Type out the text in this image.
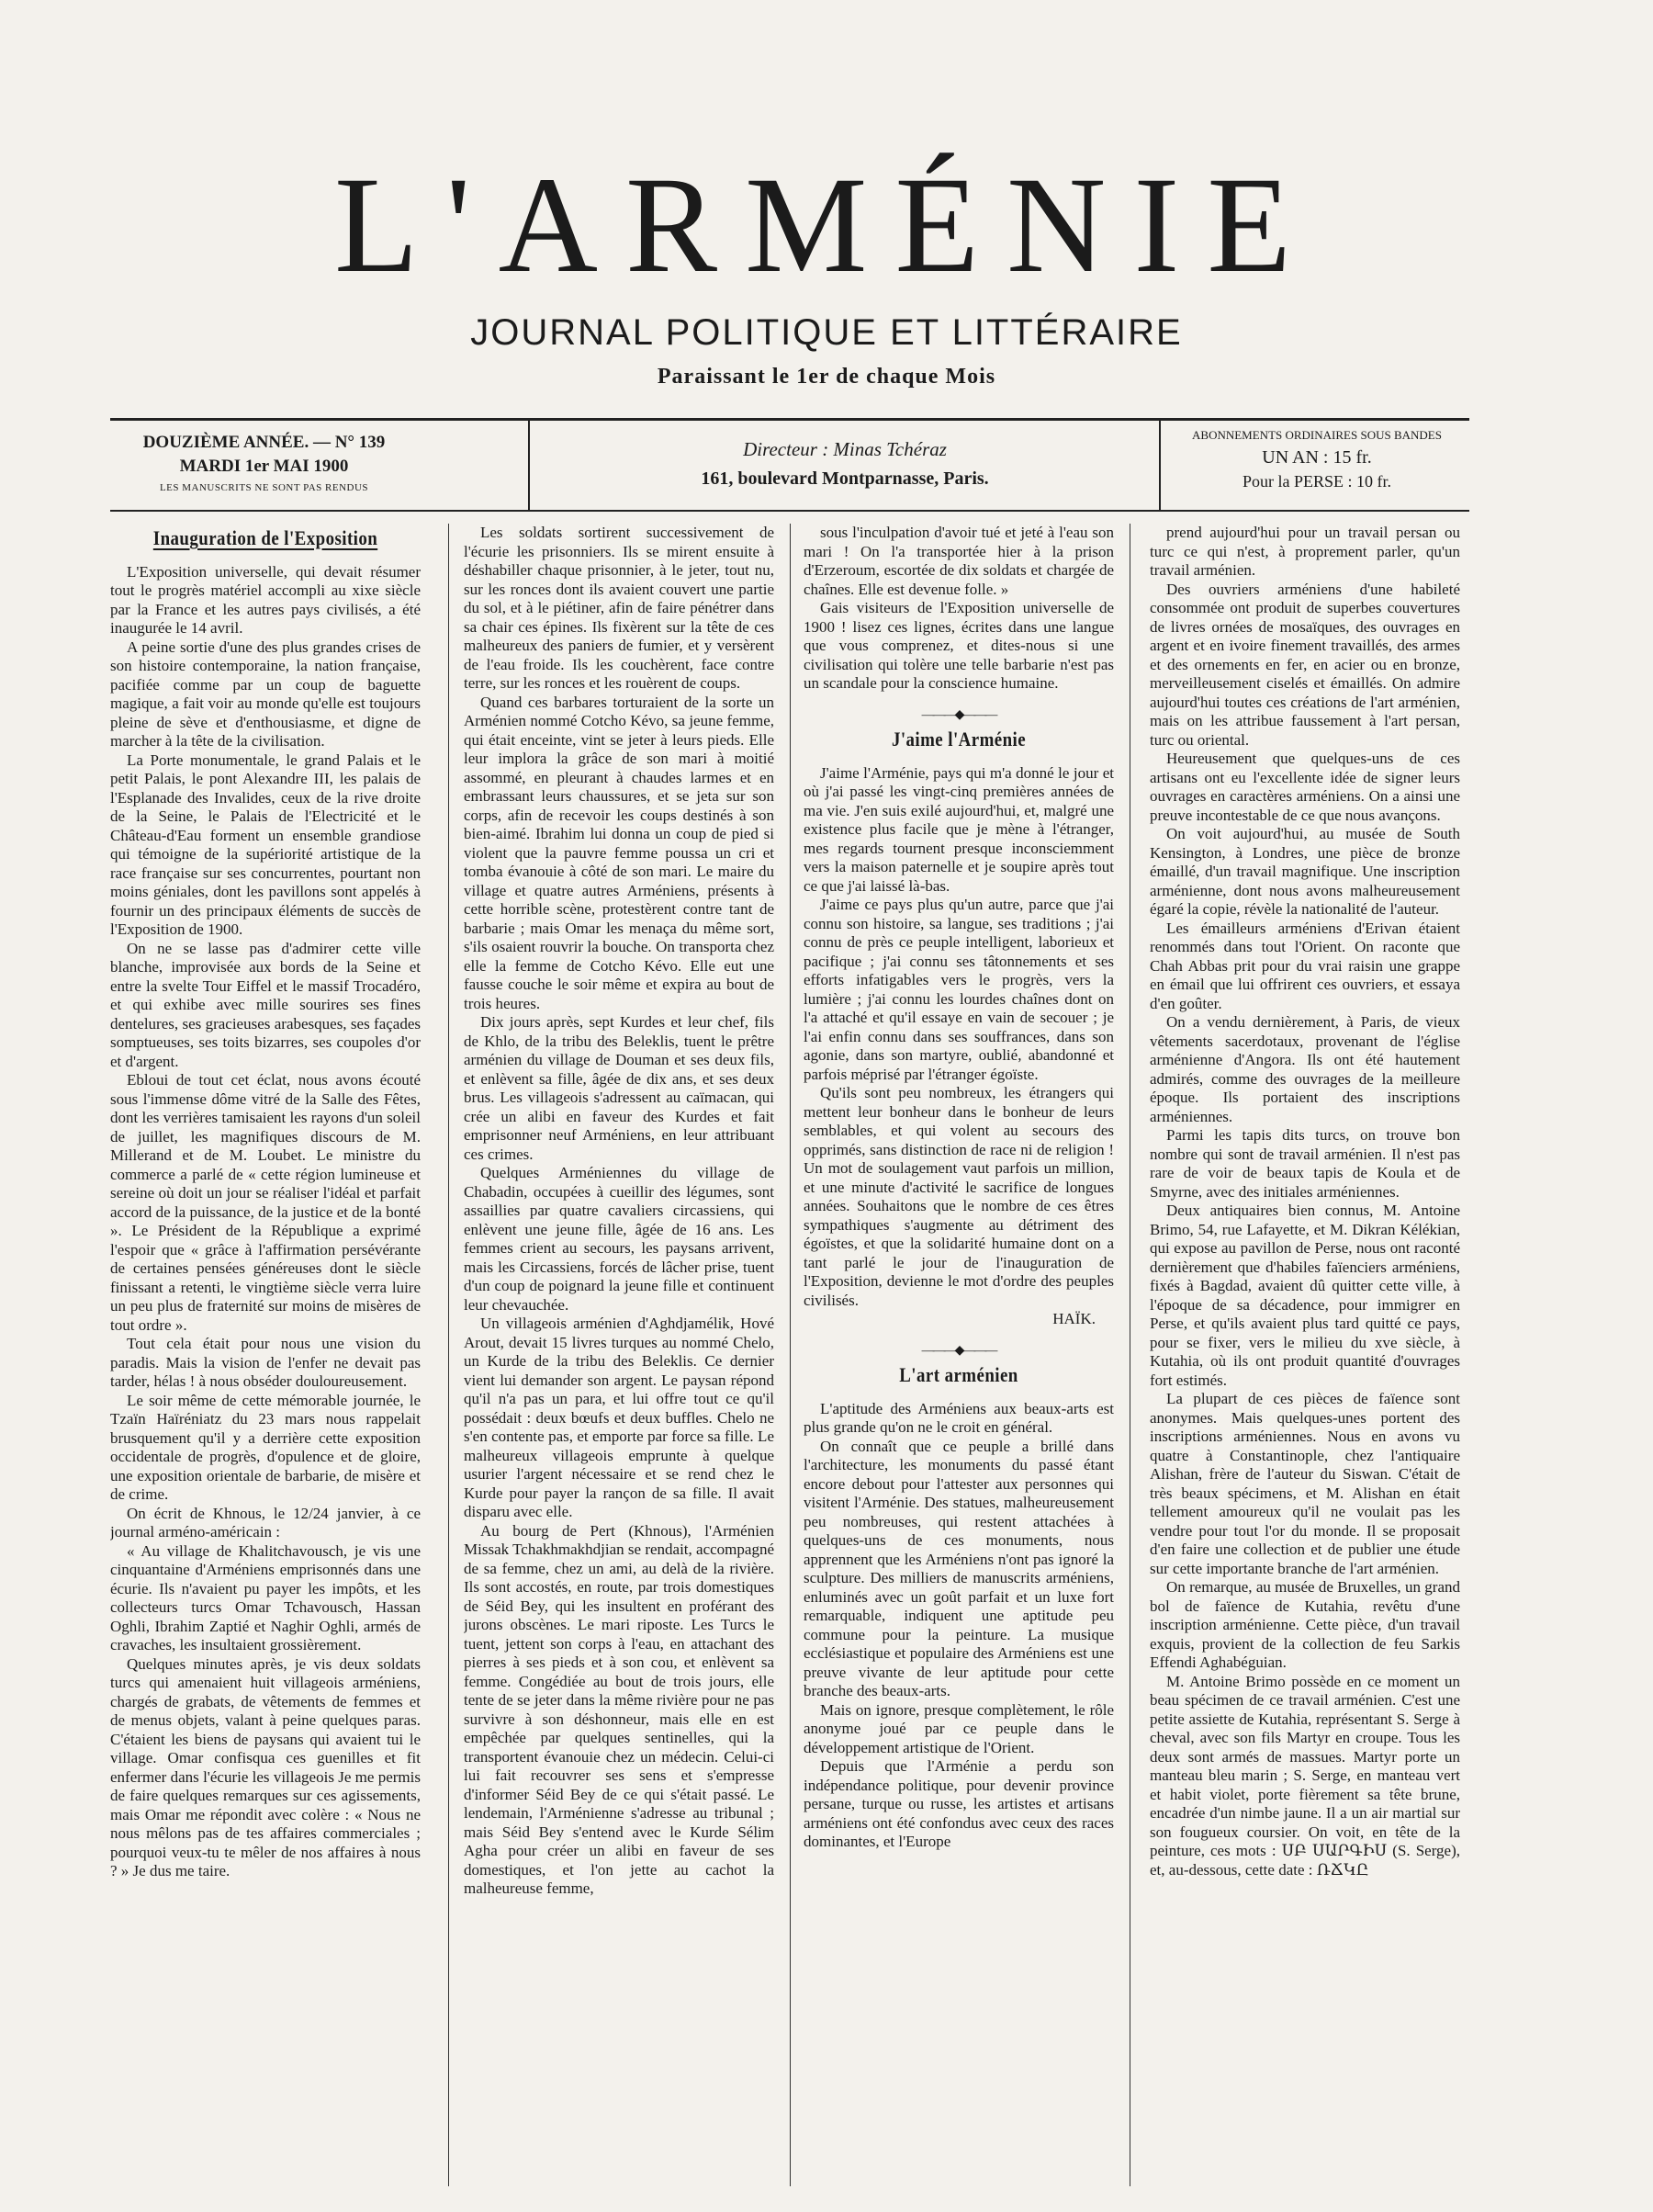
L'ARMÉNIE
JOURNAL POLITIQUE ET LITTÉRAIRE
Paraissant le 1er de chaque Mois
DOUZIÈME ANNÉE. — N° 139
MARDI 1er MAI 1900
LES MANUSCRITS NE SONT PAS RENDUS
Directeur : Minas Tchéraz
161, boulevard Montparnasse, Paris.
ABONNEMENTS ORDINAIRES SOUS BANDES
UN AN : 15 fr.
Pour la PERSE : 10 fr.
Inauguration de l'Exposition

L'Exposition universelle, qui devait résumer tout le progrès matériel accompli au xixe siècle par la France et les autres pays civilisés, a été inaugurée le 14 avril.

A peine sortie d'une des plus grandes crises de son histoire contemporaine, la nation française, pacifiée comme par un coup de baguette magique, a fait voir au monde qu'elle est toujours pleine de sève et d'enthousiasme, et digne de marcher à la tête de la civilisation.

La Porte monumentale, le grand Palais et le petit Palais, le pont Alexandre III, les palais de l'Esplanade des Invalides, ceux de la rive droite de la Seine, le Palais de l'Electricité et le Château-d'Eau forment un ensemble grandiose qui témoigne de la supériorité artistique de la race française sur ses concurrentes, pourtant non moins géniales, dont les pavillons sont appelés à fournir un des principaux éléments de succès de l'Exposition de 1900.

On ne se lasse pas d'admirer cette ville blanche, improvisée aux bords de la Seine et entre la svelte Tour Eiffel et le massif Trocadéro, et qui exhibe avec mille sourires ses fines dentelures, ses gracieuses arabesques, ses façades somptueuses, ses toits bizarres, ses coupoles d'or et d'argent.

Ebloui de tout cet éclat, nous avons écouté sous l'immense dôme vitré de la Salle des Fêtes, dont les verrières tamisaient les rayons d'un soleil de juillet, les magnifiques discours de M. Millerand et de M. Loubet. Le ministre du commerce a parlé de « cette région lumineuse et sereine où doit un jour se réaliser l'idéal et parfait accord de la puissance, de la justice et de la bonté ». Le Président de la République a exprimé l'espoir que « grâce à l'affirmation persévérante de certaines pensées généreuses dont le siècle finissant a retenti, le vingtième siècle verra luire un peu plus de fraternité sur moins de misères de tout ordre ».

Tout cela était pour nous une vision du paradis. Mais la vision de l'enfer ne devait pas tarder, hélas ! à nous obséder douloureusement.

Le soir même de cette mémorable journée, le Tzaïn Haïréniatz du 23 mars nous rappelait brusquement qu'il y a derrière cette exposition occidentale de progrès, d'opulence et de gloire, une exposition orientale de barbarie, de misère et de crime.

On écrit de Khnous, le 12/24 janvier, à ce journal arméno-américain :

« Au village de Khalitchavousch, je vis une cinquantaine d'Arméniens emprisonnés dans une écurie. Ils n'avaient pu payer les impôts, et les collecteurs turcs Omar Tchavousch, Hassan Oghli, Ibrahim Zaptié et Naghir Oghli, armés de cravaches, les insultaient grossièrement.

Quelques minutes après, je vis deux soldats turcs qui amenaient huit villageois arméniens, chargés de grabats, de vêtements de femmes et de menus objets, valant à peine quelques paras. C'étaient les biens de paysans qui avaient tui le village. Omar confisqua ces guenilles et fit enfermer dans l'écurie les villageois Je me permis de faire quelques remarques sur ces agissements, mais Omar me répondit avec colère : « Nous ne nous mêlons pas de tes affaires commerciales ; pourquoi veux-tu te mêler de nos affaires à nous ? » Je dus me taire.

Les soldats sortirent successivement de l'écurie les prisonniers. Ils se mirent ensuite à déshabiller chaque prisonnier, à le jeter, tout nu, sur les ronces dont ils avaient couvert une partie du sol, et à le piétiner, afin de faire pénétrer dans sa chair ces épines. Ils fixèrent sur la tête de ces malheureux des paniers de fumier, et y versèrent de l'eau froide. Ils les couchèrent, face contre terre, sur les ronces et les rouèrent de coups.

Quand ces barbares torturaient de la sorte un Arménien nommé Cotcho Kévo, sa jeune femme, qui était enceinte, vint se jeter à leurs pieds. Elle leur implora la grâce de son mari à moitié assommé, en pleurant à chaudes larmes et en embrassant leurs chaussures, et se jeta sur son corps, afin de recevoir les coups destinés à son bien-aimé. Ibrahim lui donna un coup de pied si violent que la pauvre femme poussa un cri et tomba évanouie à côté de son mari. Le maire du village et quatre autres Arméniens, présents à cette horrible scène, protestèrent contre tant de barbarie ; mais Omar les menaça du même sort, s'ils osaient rouvrir la bouche. On transporta chez elle la femme de Cotcho Kévo. Elle eut une fausse couche le soir même et expira au bout de trois heures.

Dix jours après, sept Kurdes et leur chef, fils de Khlo, de la tribu des Beleklis, tuent le prêtre arménien du village de Douman et ses deux fils, et enlèvent sa fille, âgée de dix ans, et ses deux brus. Les villageois s'adressent au caïmacan, qui crée un alibi en faveur des Kurdes et fait emprisonner neuf Arméniens, en leur attribuant ces crimes.

Quelques Arméniennes du village de Chabadin, occupées à cueillir des légumes, sont assaillies par quatre cavaliers circassiens, qui enlèvent une jeune fille, âgée de 16 ans. Les femmes crient au secours, les paysans arrivent, mais les Circassiens, forcés de lâcher prise, tuent d'un coup de poignard la jeune fille et continuent leur chevauchée.

Un villageois arménien d'Aghdjamélik, Hové Arout, devait 15 livres turques au nommé Chelo, un Kurde de la tribu des Beleklis. Ce dernier vient lui demander son argent. Le paysan répond qu'il n'a pas un para, et lui offre tout ce qu'il possédait : deux bœufs et deux buffles. Chelo ne s'en contente pas, et emporte par force sa fille. Le malheureux villageois emprunte à quelque usurier l'argent nécessaire et se rend chez le Kurde pour payer la rançon de sa fille. Il avait disparu avec elle.

Au bourg de Pert (Khnous), l'Arménien Missak Tchakhmakhdjian se rendait, accompagné de sa femme, chez un ami, au delà de la rivière. Ils sont accostés, en route, par trois domestiques de Séid Bey, qui les insultent en proférant des jurons obscènes. Le mari riposte. Les Turcs le tuent, jettent son corps à l'eau, en attachant des pierres à ses pieds et à son cou, et enlèvent sa femme. Congédiée au bout de trois jours, elle tente de se jeter dans la même rivière pour ne pas survivre à son déshonneur, mais elle en est empêchée par quelques sentinelles, qui la transportent évanouie chez un médecin. Celui-ci lui fait recouvrer ses sens et s'empresse d'informer Séid Bey de ce qui s'était passé. Le lendemain, l'Arménienne s'adresse au tribunal ; mais Séid Bey s'entend avec le Kurde Sélim Agha pour créer un alibi en faveur de ses domestiques, et l'on jette au cachot la malheureuse femme,

sous l'inculpation d'avoir tué et jeté à l'eau son mari ! On l'a transportée hier à la prison d'Erzeroum, escortée de dix soldats et chargée de chaînes. Elle est devenue folle. »

Gais visiteurs de l'Exposition universelle de 1900 ! lisez ces lignes, écrites dans une langue que vous comprenez, et dites-nous si une civilisation qui tolère une telle barbarie n'est pas un scandale pour la conscience humaine.

———◆———
J'aime l'Arménie

J'aime l'Arménie, pays qui m'a donné le jour et où j'ai passé les vingt-cinq premières années de ma vie. J'en suis exilé aujourd'hui, et, malgré une existence plus facile que je mène à l'étranger, mes regards tournent presque inconsciemment vers la maison paternelle et je soupire après tout ce que j'ai laissé là-bas.

J'aime ce pays plus qu'un autre, parce que j'ai connu son histoire, sa langue, ses traditions ; j'ai connu de près ce peuple intelligent, laborieux et pacifique ; j'ai connu ses tâtonnements et ses efforts infatigables vers le progrès, vers la lumière ; j'ai connu les lourdes chaînes dont on l'a attaché et qu'il essaye en vain de secouer ; je l'ai enfin connu dans ses souffrances, dans son agonie, dans son martyre, oublié, abandonné et parfois méprisé par l'étranger égoïste.

Qu'ils sont peu nombreux, les étrangers qui mettent leur bonheur dans le bonheur de leurs semblables, et qui volent au secours des opprimés, sans distinction de race ni de religion ! Un mot de soulagement vaut parfois un million, et une minute d'activité le sacrifice de longues années. Souhaitons que le nombre de ces êtres sympathiques s'augmente au détriment des égoïstes, et que la solidarité humaine dont on a tant parlé le jour de l'inauguration de l'Exposition, devienne le mot d'ordre des peuples civilisés.

HAÏK.

———◆———
L'art arménien

L'aptitude des Arméniens aux beaux-arts est plus grande qu'on ne le croit en général.

On connaît que ce peuple a brillé dans l'architecture, les monuments du passé étant encore debout pour l'attester aux personnes qui visitent l'Arménie. Des statues, malheureusement peu nombreuses, qui restent attachées à quelques-uns de ces monuments, nous apprennent que les Arméniens n'ont pas ignoré la sculpture. Des milliers de manuscrits arméniens, enluminés avec un goût parfait et un luxe fort remarquable, indiquent une aptitude peu commune pour la peinture. La musique ecclésiastique et populaire des Arméniens est une preuve vivante de leur aptitude pour cette branche des beaux-arts.

Mais on ignore, presque complètement, le rôle anonyme joué par ce peuple dans le développement artistique de l'Orient.

Depuis que l'Arménie a perdu son indépendance politique, pour devenir province persane, turque ou russe, les artistes et artisans arméniens ont été confondus avec ceux des races dominantes, et l'Europe

prend aujourd'hui pour un travail persan ou turc ce qui n'est, à proprement parler, qu'un travail arménien.

Des ouvriers arméniens d'une habileté consommée ont produit de superbes couvertures de livres ornées de mosaïques, des ouvrages en argent et en ivoire finement travaillés, des armes et des ornements en fer, en acier ou en bronze, merveilleusement ciselés et émaillés. On admire aujourd'hui toutes ces créations de l'art arménien, mais on les attribue faussement à l'art persan, turc ou oriental.

Heureusement que quelques-uns de ces artisans ont eu l'excellente idée de signer leurs ouvrages en caractères arméniens. On a ainsi une preuve incontestable de ce que nous avançons.

On voit aujourd'hui, au musée de South Kensington, à Londres, une pièce de bronze émaillé, d'un travail magnifique. Une inscription arménienne, dont nous avons malheureusement égaré la copie, révèle la nationalité de l'auteur.

Les émailleurs arméniens d'Erivan étaient renommés dans tout l'Orient. On raconte que Chah Abbas prit pour du vrai raisin une grappe en émail que lui offrirent ces ouvriers, et essaya d'en goûter.

On a vendu dernièrement, à Paris, de vieux vêtements sacerdotaux, provenant de l'église arménienne d'Angora. Ils ont été hautement admirés, comme des ouvrages de la meilleure époque. Ils portaient des inscriptions arméniennes.

Parmi les tapis dits turcs, on trouve bon nombre qui sont de travail arménien. Il n'est pas rare de voir de beaux tapis de Koula et de Smyrne, avec des initiales arméniennes.

Deux antiquaires bien connus, M. Antoine Brimo, 54, rue Lafayette, et M. Dikran Kélékian, qui expose au pavillon de Perse, nous ont raconté dernièrement que d'habiles faïenciers arméniens, fixés à Bagdad, avaient dû quitter cette ville, à l'époque de sa décadence, pour immigrer en Perse, et qu'ils avaient plus tard quitté ce pays, pour se fixer, vers le milieu du xve siècle, à Kutahia, où ils ont produit quantité d'ouvrages fort estimés.

La plupart de ces pièces de faïence sont anonymes. Mais quelques-unes portent des inscriptions arméniennes. Nous en avons vu quatre à Constantinople, chez l'antiquaire Alishan, frère de l'auteur du Siswan. C'était de très beaux spécimens, et M. Alishan en était tellement amoureux qu'il ne voulait pas les vendre pour tout l'or du monde. Il se proposait d'en faire une collection et de publier une étude sur cette importante branche de l'art arménien.

On remarque, au musée de Bruxelles, un grand bol de faïence de Kutahia, revêtu d'une inscription arménienne. Cette pièce, d'un travail exquis, provient de la collection de feu Sarkis Effendi Aghabéguian.

M. Antoine Brimo possède en ce moment un beau spécimen de ce travail arménien. C'est une petite assiette de Kutahia, représentant S. Serge à cheval, avec son fils Martyr en croupe. Tous les deux sont armés de massues. Martyr porte un manteau bleu marin ; S. Serge, en manteau vert et habit violet, porte fièrement sa tête brune, encadrée d'un nimbe jaune. Il a un air martial sur son fougueux coursier. On voit, en tête de la peinture, ces mots : ՍԲ ՍԱՐԳԻՍ (S. Serge), et, au-dessous, cette date : ՌՃԿԸ
